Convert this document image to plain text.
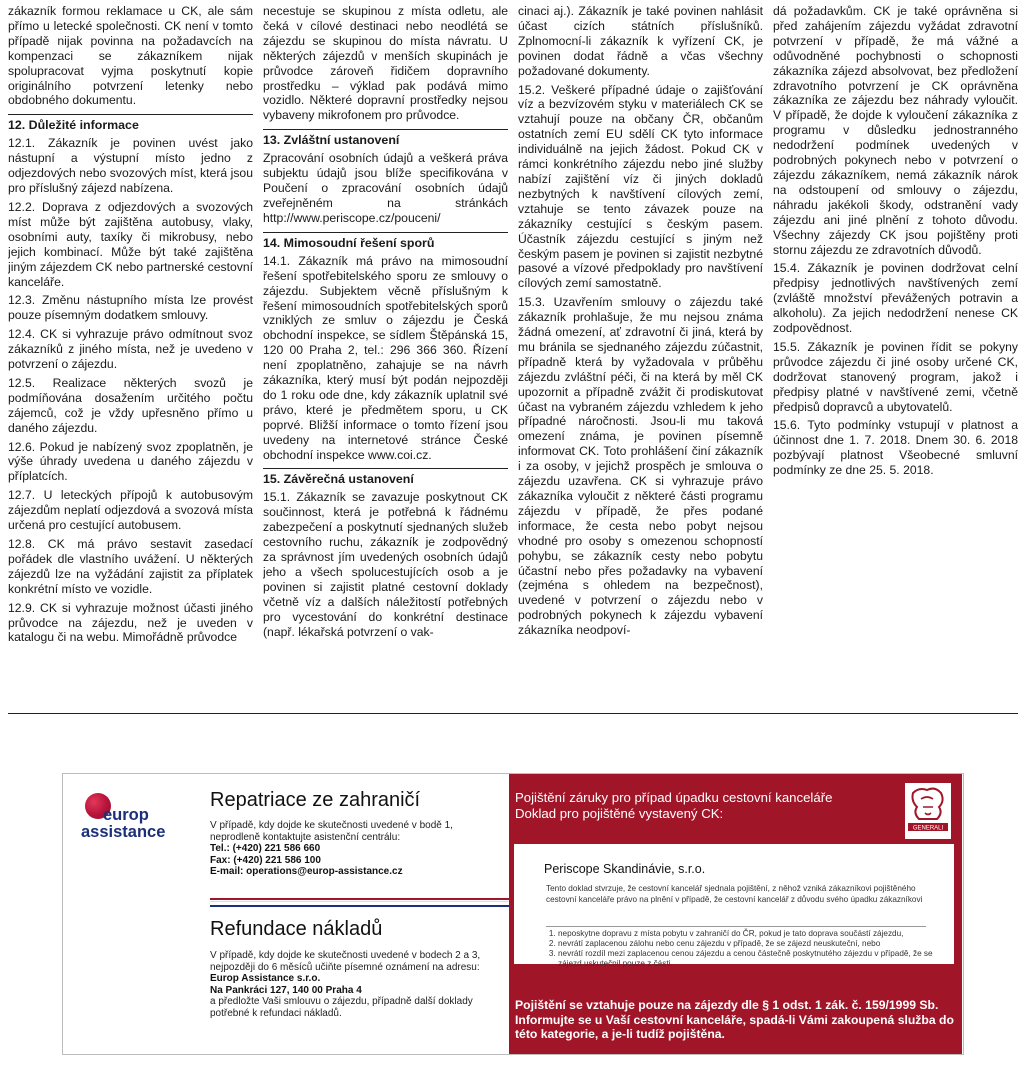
zákazník formou reklamace u CK, ale sám přímo u letecké společnosti. CK není v tomto případě nijak povinna na požadavcích na kompenzaci se zákazníkem nijak spolupracovat vyjma poskytnutí kopie originálního potvrzení letenky nebo obdobného dokumentu.

12. Důležité informace

12.1. Zákazník je povinen uvést jako nástupní a výstupní místo jedno z odjezdových nebo svozových míst, která jsou pro příslušný zájezd nabízena.

12.2. Doprava z odjezdových a svozových míst může být zajištěna autobusy, vlaky, osobními auty, taxíky či mikrobusy, nebo jejich kombinací. Může být také zajištěna jiným zájezdem CK nebo partnerské cestovní kanceláře.

12.3. Změnu nástupního místa lze provést pouze písemným dodatkem smlouvy.

12.4. CK si vyhrazuje právo odmítnout svoz zákazníků z jiného místa, než je uvedeno v potvrzení o zájezdu.

12.5. Realizace některých svozů je podmíňována dosažením určitého počtu zájemců, což je vždy upřesněno přímo u daného zájezdu.

12.6. Pokud je nabízený svoz zpoplatněn, je výše úhrady uvedena u daného zájezdu v příplatcích.

12.7. U leteckých přípojů k autobusovým zájezdům neplatí odjezdová a svozová místa určená pro cestující autobusem.

12.8. CK má právo sestavit zasedací pořádek dle vlastního uvážení. U některých zájezdů lze na vyžádání zajistit za příplatek konkrétní místo ve vozidle.

12.9. CK si vyhrazuje možnost účasti jiného průvodce na zájezdu, než je uveden v katalogu či na webu. Mimořádně průvodce

necestuje se skupinou z místa odletu, ale čeká v cílové destinaci nebo neodlétá se zájezdu se skupinou do místa návratu. U některých zájezdů v menších skupinách je průvodce zároveň řidičem dopravního prostředku – výklad pak podává mimo vozidlo. Některé dopravní prostředky nejsou vybaveny mikrofonem pro průvodce.

13. Zvláštní ustanovení

Zpracování osobních údajů a veškerá práva subjektu údajů jsou blíže specifikována v Poučení o zpracování osobních údajů zveřejněném na stránkách http://www.periscope.cz/pouceni/

14. Mimosoudní řešení sporů

14.1. Zákazník má právo na mimosoudní řešení spotřebitelského sporu ze smlouvy o zájezdu. Subjektem věcně příslušným k řešení mimosoudních spotřebitelských sporů vzniklých ze smluv o zájezdu je Česká obchodní inspekce, se sídlem Štěpánská 15, 120 00 Praha 2, tel.: 296 366 360. Řízení není zpoplatněno, zahajuje se na návrh zákazníka, který musí být podán nejpozději do 1 roku ode dne, kdy zákazník uplatnil své právo, které je předmětem sporu, u CK poprvé. Bližší informace o tomto řízení jsou uvedeny na internetové stránce České obchodní inspekce www.coi.cz.

15. Závěrečná ustanovení

15.1. Zákazník se zavazuje poskytnout CK součinnost, která je potřebná k řádnému zabezpečení a poskytnutí sjednaných služeb cestovního ruchu, zákazník je zodpovědný za správnost jím uvedených osobních údajů jeho a všech spolucestujících osob a je povinen si zajistit platné cestovní doklady včetně víz a dalších náležitostí potřebných pro vycestování do konkrétní destinace (např. lékařská potvrzení o vak-

cinaci aj.). Zákazník je také povinen nahlásit účast cizích státních příslušníků. Zplnomocní-li zákazník k vyřízení CK, je povinen dodat řádně a včas všechny požadované dokumenty.

15.2. Veškeré případné údaje o zajišťování víz a bezvízovém styku v materiálech CK se vztahují pouze na občany ČR, občanům ostatních zemí EU sdělí CK tyto informace individuálně na jejich žádost. Pokud CK v rámci konkrétního zájezdu nebo jiné služby nabízí zajištění víz či jiných dokladů nezbytných k navštívení cílových zemí, vztahuje se tento závazek pouze na zákazníky cestující s českým pasem. Účastník zájezdu cestující s jiným než českým pasem je povinen si zajistit nezbytné pasové a vízové předpoklady pro navštívení cílových zemí samostatně.

15.3. Uzavřením smlouvy o zájezdu také zákazník prohlašuje, že mu nejsou známa žádná omezení, ať zdravotní či jiná, která by mu bránila se sjednaného zájezdu zúčastnit, případně která by vyžadovala v průběhu zájezdu zvláštní péči, či na která by měl CK upozornit a případně zvážit či prodiskutovat účast na vybraném zájezdu vzhledem k jeho případné náročnosti. Jsou-li mu taková omezení známa, je povinen písemně informovat CK. Toto prohlášení činí zákazník i za osoby, v jejichž prospěch je smlouva o zájezdu uzavřena. CK si vyhrazuje právo zákazníka vyloučit z některé části programu zájezdu v případě, že přes podané informace, že cesta nebo pobyt nejsou vhodné pro osoby s omezenou schopností pohybu, se zákazník cesty nebo pobytu účastní nebo přes požadavky na vybavení (zejména s ohledem na bezpečnost), uvedené v potvrzení o zájezdu nebo v podrobných pokynech k zájezdu vybavení zákazníka neodpoví-

dá požadavkům. CK je také oprávněna si před zahájením zájezdu vyžádat zdravotní potvrzení v případě, že má vážné a odůvodněné pochybnosti o schopnosti zákazníka zájezd absolvovat, bez předložení zdravotního potvrzení je CK oprávněna zákazníka ze zájezdu bez náhrady vyloučit. V případě, že dojde k vyloučení zákazníka z programu v důsledku jednostranného nedodržení podmínek uvedených v podrobných pokynech nebo v potvrzení o zájezdu zákazníkem, nemá zákazník nárok na odstoupení od smlouvy o zájezdu, náhradu jakékoli škody, odstranění vady zájezdu ani jiné plnění z tohoto důvodu. Všechny zájezdy CK jsou pojištěny proti stornu zájezdu ze zdravotních důvodů.

15.4. Zákazník je povinen dodržovat celní předpisy jednotlivých navštívených zemí (zvláště množství převážených potravin a alkoholu). Za jejich nedodržení nenese CK zodpovědnost.

15.5. Zákazník je povinen řídit se pokyny průvodce zájezdu či jiné osoby určené CK, dodržovat stanovený program, jakož i předpisy platné v navštívené zemi, včetně předpisů dopravců a ubytovatelů.

15.6. Tyto podmínky vstupují v platnost a účinnost dne 1. 7. 2018. Dnem 30. 6. 2018 pozbývají platnost Všeobecné smluvní podmínky ze dne 25. 5. 2018.

europ
assistance
Repatriace ze zahraničí

V případě, kdy dojde ke skutečnosti uvedené v bodě 1, neprodleně kontaktujte asistenční centrálu:

Tel.: (+420) 221 586 660

Fax: (+420) 221 586 100

E-mail: operations@europ-assistance.cz

Refundace nákladů

V případě, kdy dojde ke skutečnosti uvedené v bodech 2 a 3, nejpozději do 6 měsíců učiňte písemné oznámení na adresu:

Europ Assistance s.r.o.

Na Pankráci 127, 140 00 Praha 4

a předložte Vaši smlouvu o zájezdu, případně další doklady potřebné k refundaci nákladů.

Pojištění záruky pro případ úpadku cestovní kanceláře
Doklad pro pojištěné vystavený CK:
GENERALI
Periscope Skandinávie, s.r.o.
Tento doklad stvrzuje, že cestovní kancelář sjednala pojištění, z něhož vzniká zákazníkovi pojištěného cestovní kanceláře právo na plnění v případě, že cestovní kancelář z důvodu svého úpadku zákazníkovi
1. neposkytne dopravu z místa pobytu v zahraničí do ČR, pokud je tato doprava součástí zájezdu,
2. nevrátí zaplacenou zálohu nebo cenu zájezdu v případě, že se zájezd neuskuteční, nebo
3. nevrátí rozdíl mezi zaplacenou cenou zájezdu a cenou částečně poskytnutého zájezdu v případě, že se zájezd uskutečnil pouze z části.
Pojištění se vztahuje pouze na zájezdy dle § 1 odst. 1 zák. č. 159/1999 Sb. Informujte se u Vaší cestovní kanceláře, spadá-li Vámi zakoupená služba do této kategorie, a je-li tudíž pojištěna.
